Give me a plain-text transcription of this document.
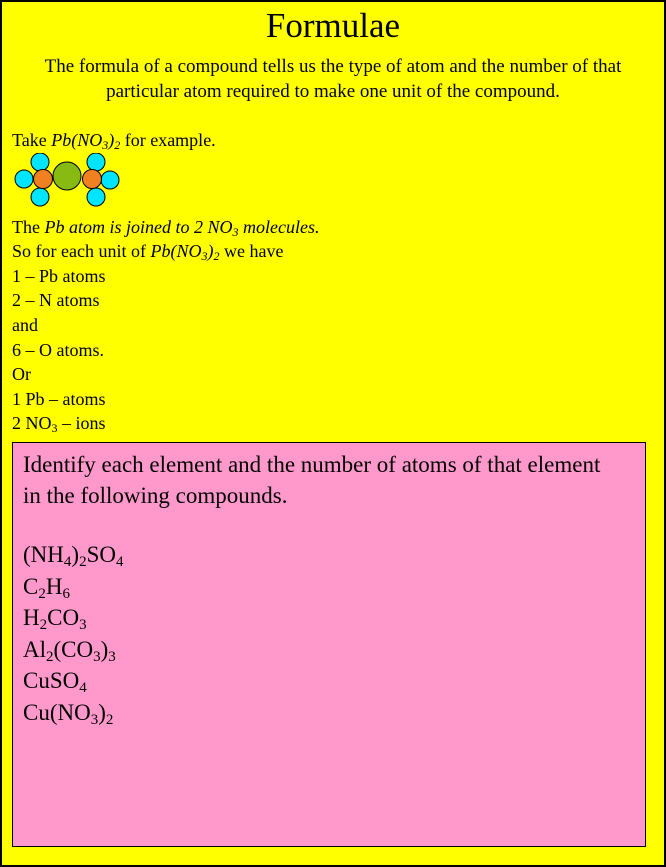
Formulae
The formula of a compound tells us the type of atom and the number of that particular atom required to make one unit of the compound.
Take $Pb(NO_3)_2$ for example.
The Pb atom is joined to 2 $NO_3$ molecules.
So for each unit of $Pb(NO_3)_2$ we have
1 – Pb atoms
2 – N atoms
and
6 – O atoms.
Or
1 Pb – atoms
2 $NO_3$ – ions
Identify each element and the number of atoms of that element in the following compounds.
$(NH_4)_2SO_4$
$C_2H_6$
$H_2CO_3$
$Al_2(CO_3)_3$
CuSO$_4$
$Cu(NO_3)_2$
